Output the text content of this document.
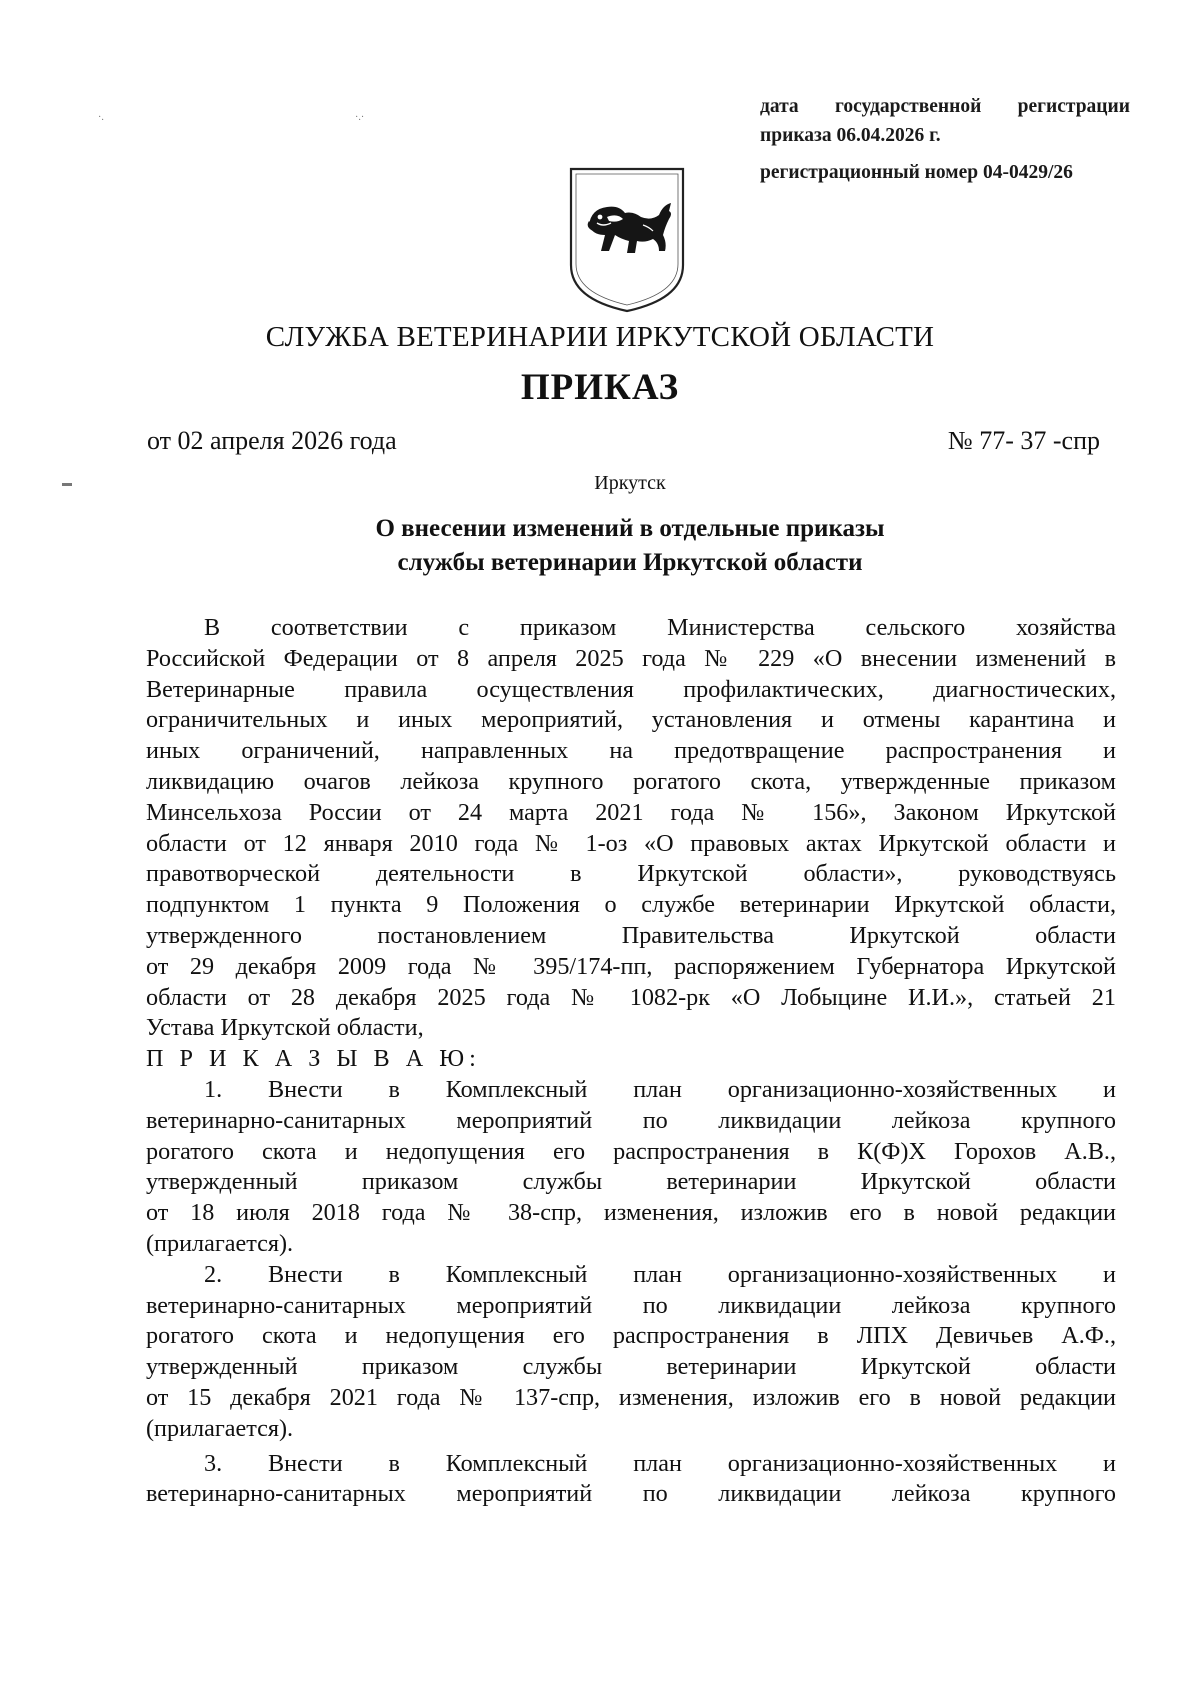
·.	·.·
▬
дата государственной регистрации
приказа 06.04.2026 г.
регистрационный номер 04-0429/26
СЛУЖБА ВЕТЕРИНАРИИ ИРКУТСКОЙ ОБЛАСТИ
ПРИКАЗ
от 02 апреля 2026 года	№ 77- 37 -спр
Иркутск
О внесении изменений в отдельные приказы
службы ветеринарии Иркутской области
В соответствии с приказом Министерства сельского хозяйства
Российской Федерации от 8 апреля 2025 года № 229 «О внесении изменений в
Ветеринарные правила осуществления профилактических, диагностических,
ограничительных и иных мероприятий, установления и отмены карантина и
иных ограничений, направленных на предотвращение распространения и
ликвидацию очагов лейкоза крупного рогатого скота, утвержденные приказом
Минсельхоза России от 24 марта 2021 года № 156», Законом Иркутской
области от 12 января 2010 года № 1-оз «О правовых актах Иркутской области и
правотворческой деятельности в Иркутской области», руководствуясь
подпунктом 1 пункта 9 Положения о службе ветеринарии Иркутской области,
утвержденного постановлением Правительства Иркутской области
от 29 декабря 2009 года № 395/174-пп, распоряжением Губернатора Иркутской
области от 28 декабря 2025 года № 1082-рк «О Лобыцине И.И.», статьей 21
Устава Иркутской области,
П Р И К А З Ы В А Ю:
1. Внести в Комплексный план организационно-хозяйственных и
ветеринарно-санитарных мероприятий по ликвидации лейкоза крупного
рогатого скота и недопущения его распространения в К(Ф)Х Горохов А.В.,
утвержденный приказом службы ветеринарии Иркутской области
от 18 июля 2018 года № 38-спр, изменения, изложив его в новой редакции
(прилагается).
2. Внести в Комплексный план организационно-хозяйственных и
ветеринарно-санитарных мероприятий по ликвидации лейкоза крупного
рогатого скота и недопущения его распространения в ЛПХ Девичьев А.Ф.,
утвержденный приказом службы ветеринарии Иркутской области
от 15 декабря 2021 года № 137-спр, изменения, изложив его в новой редакции
(прилагается).
3. Внести в Комплексный план организационно-хозяйственных и
ветеринарно-санитарных мероприятий по ликвидации лейкоза крупного
